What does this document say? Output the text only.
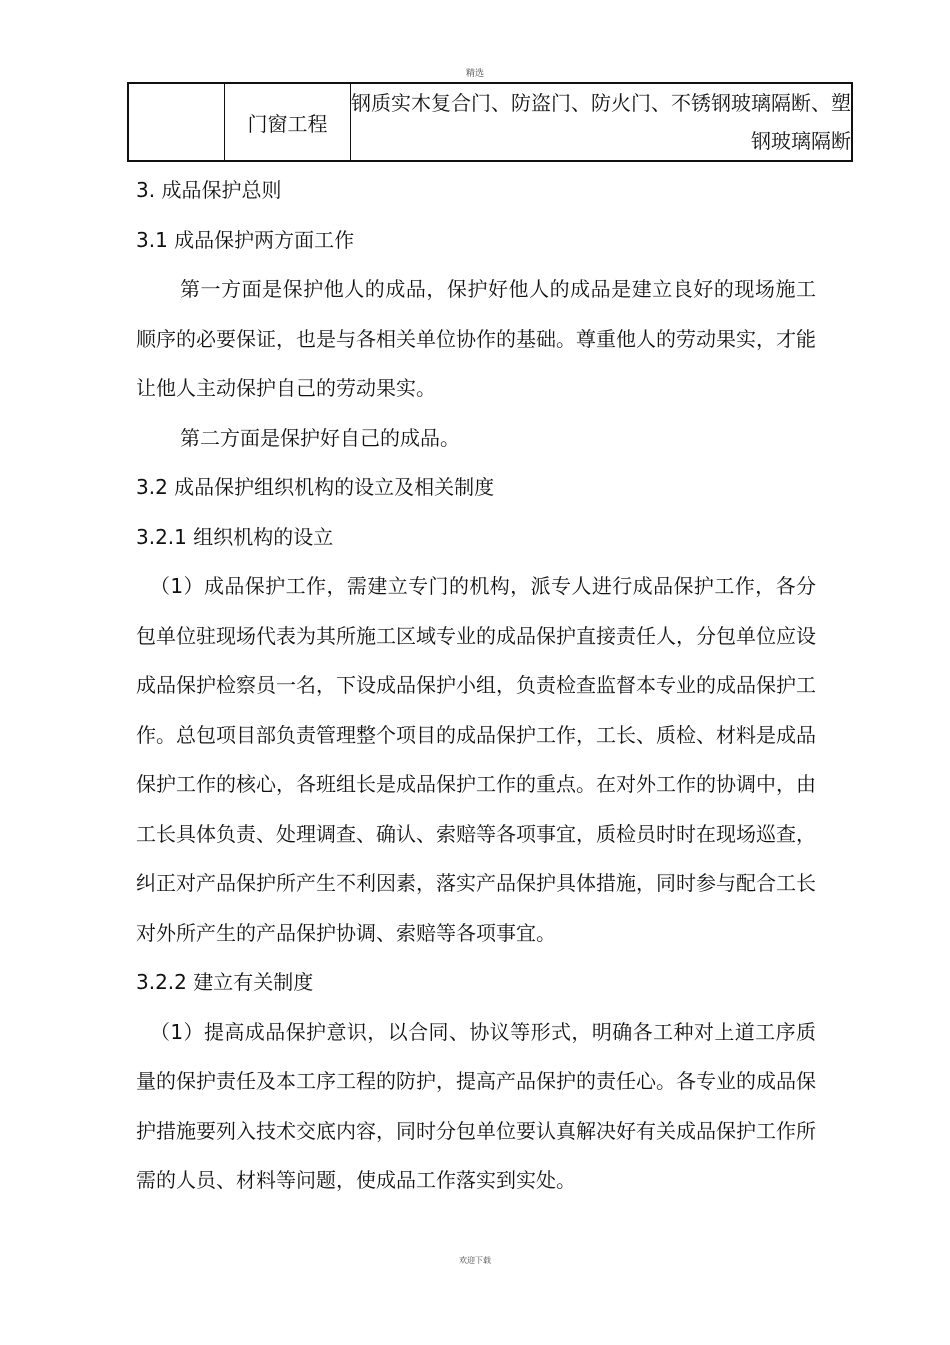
精选
	门窗工程	钢质实木复合门、防盗门、防火门、不锈钢玻璃隔断、塑钢玻璃隔断
3. 成品保护总则
3.1 成品保护两方面工作

第一方面是保护他人的成品，保护好他人的成品是建立良好的现场施工顺序的必要保证，也是与各相关单位协作的基础。尊重他人的劳动果实，才能让他人主动保护自己的劳动果实。

第二方面是保护好自己的成品。

3.2 成品保护组织机构的设立及相关制度
3.2.1 组织机构的设立

（1）成品保护工作，需建立专门的机构，派专人进行成品保护工作，各分包单位驻现场代表为其所施工区域专业的成品保护直接责任人，分包单位应设成品保护检察员一名，下设成品保护小组，负责检查监督本专业的成品保护工作。总包项目部负责管理整个项目的成品保护工作，工长、质检、材料是成品保护工作的核心，各班组长是成品保护工作的重点。在对外工作的协调中，由工长具体负责、处理调查、确认、索赔等各项事宜，质检员时时在现场巡查，纠正对产品保护所产生不利因素，落实产品保护具体措施，同时参与配合工长对外所产生的产品保护协调、索赔等各项事宜。

3.2.2 建立有关制度

（1）提高成品保护意识，以合同、协议等形式，明确各工种对上道工序质量的保护责任及本工序工程的防护，提高产品保护的责任心。各专业的成品保护措施要列入技术交底内容，同时分包单位要认真解决好有关成品保护工作所需的人员、材料等问题，使成品工作落实到实处。

欢迎下载
